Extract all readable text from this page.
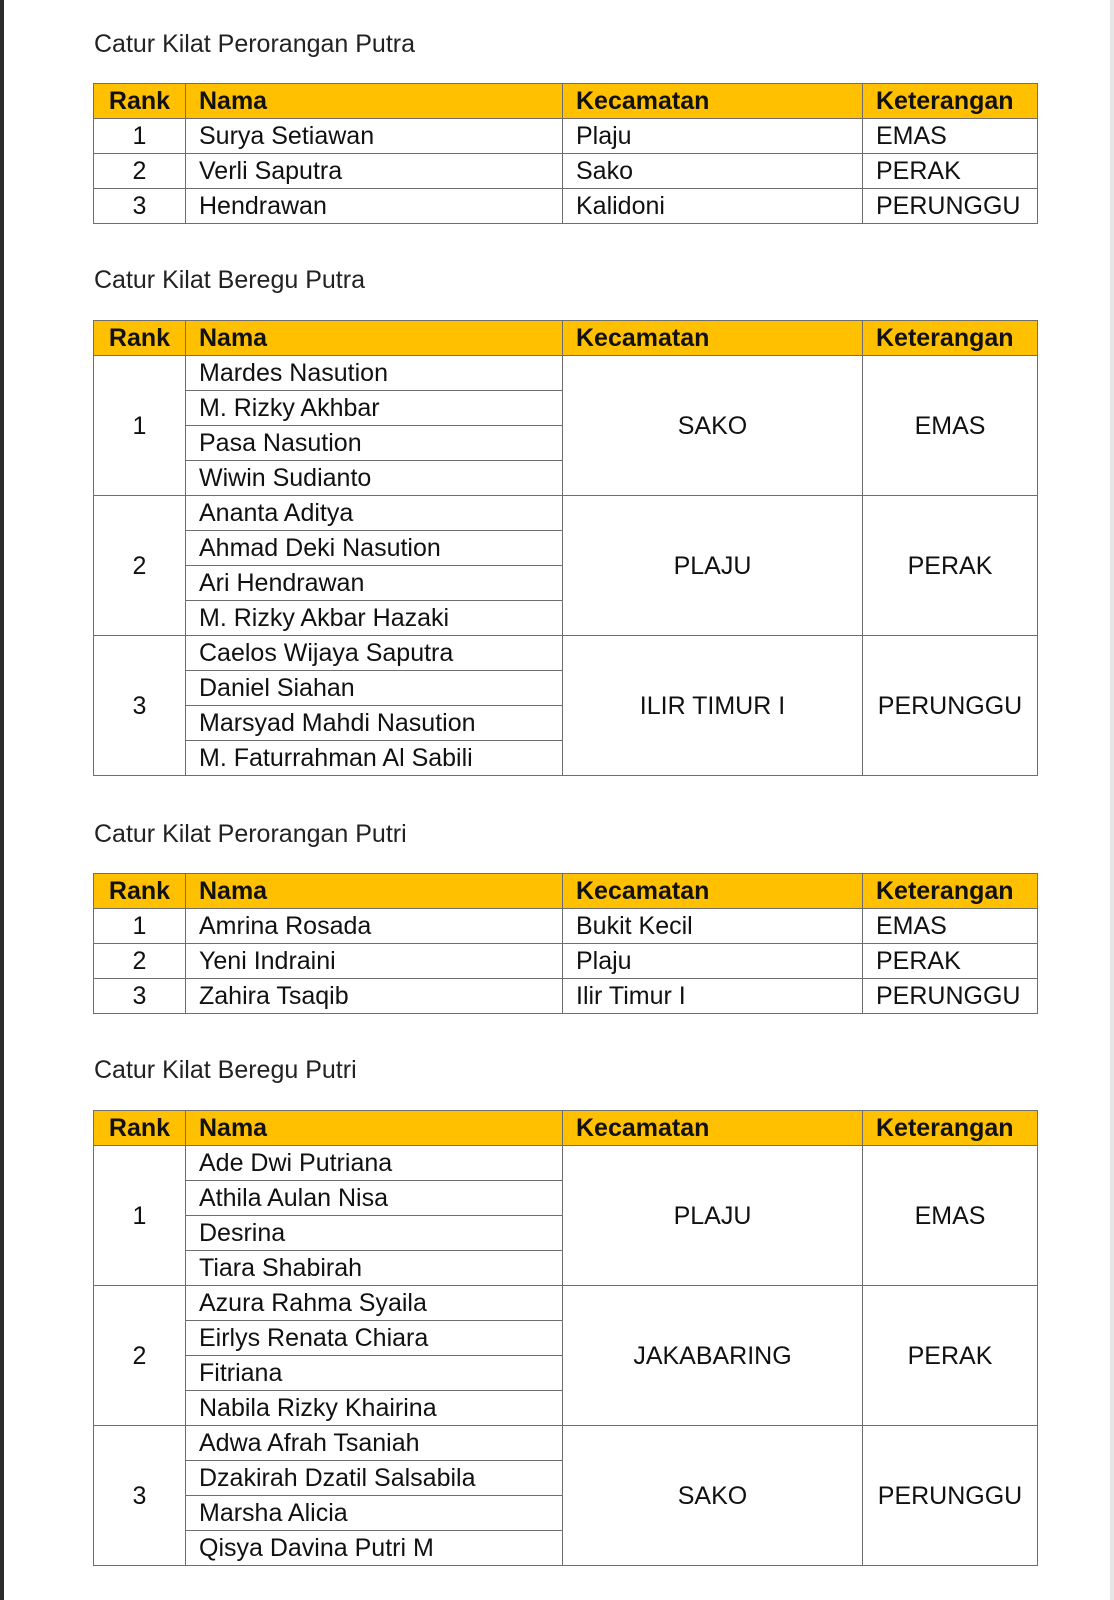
Catur Kilat Perorangan Putra
Rank	Nama	Kecamatan	Keterangan
1	Surya Setiawan	Plaju	EMAS
2	Verli Saputra	Sako	PERAK
3	Hendrawan	Kalidoni	PERUNGGU
Catur Kilat Beregu Putra
Rank	Nama	Kecamatan	Keterangan
1	Mardes Nasution	SAKO	EMAS
	M. Rizky Akhbar		
	Pasa Nasution		
	Wiwin Sudianto		
2	Ananta Aditya	PLAJU	PERAK
	Ahmad Deki Nasution		
	Ari Hendrawan		
	M. Rizky Akbar Hazaki		
3	Caelos Wijaya Saputra	ILIR TIMUR I	PERUNGGU
	Daniel Siahan		
	Marsyad Mahdi Nasution		
	M. Faturrahman Al Sabili		
Catur Kilat Perorangan Putri
Rank	Nama	Kecamatan	Keterangan
1	Amrina Rosada	Bukit Kecil	EMAS
2	Yeni Indraini	Plaju	PERAK
3	Zahira Tsaqib	Ilir Timur I	PERUNGGU
Catur Kilat Beregu Putri
Rank	Nama	Kecamatan	Keterangan
1	Ade Dwi Putriana	PLAJU	EMAS
	Athila Aulan Nisa		
	Desrina		
	Tiara Shabirah		
2	Azura Rahma Syaila	JAKABARING	PERAK
	Eirlys Renata Chiara		
	Fitriana		
	Nabila Rizky Khairina		
3	Adwa Afrah Tsaniah	SAKO	PERUNGGU
	Dzakirah Dzatil Salsabila		
	Marsha Alicia		
	Qisya Davina Putri M		
